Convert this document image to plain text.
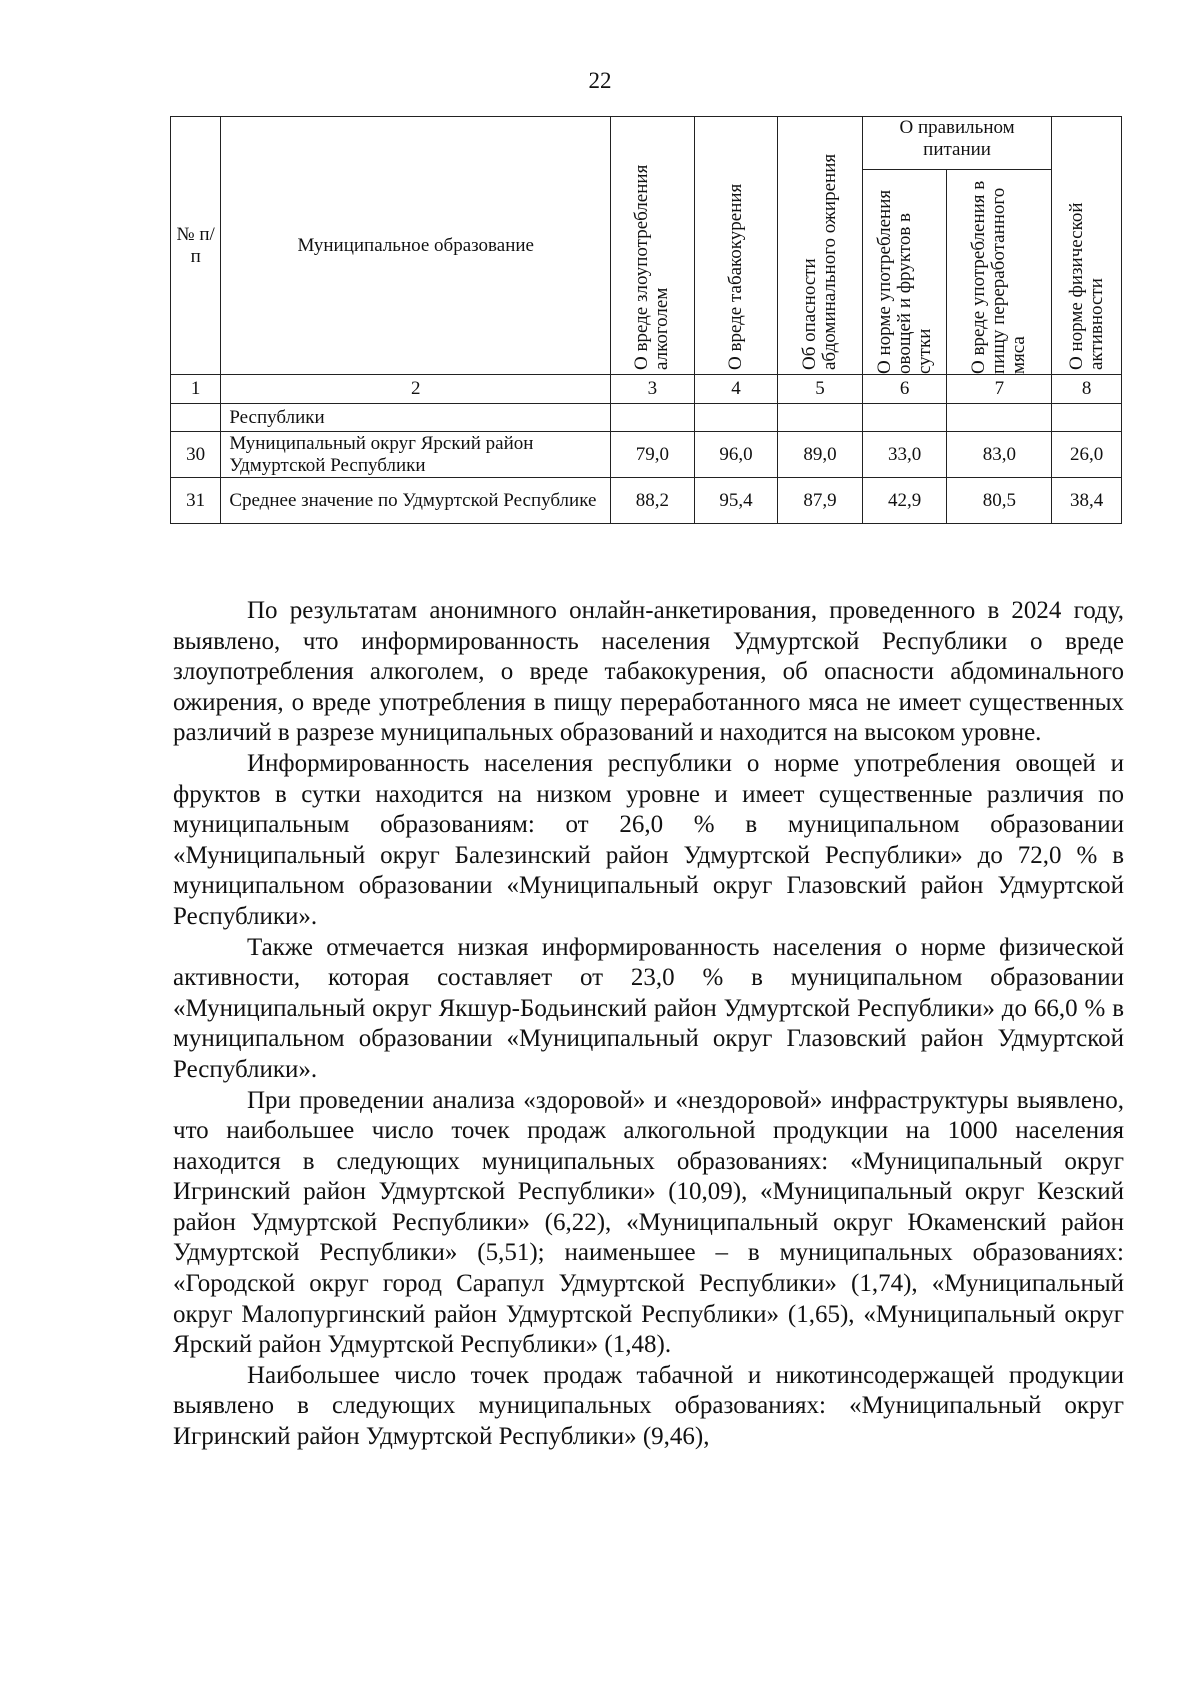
22
№ п/п	Муниципальное образование	О вреде злоупотребления алкоголем	О вреде табакокурения	Об опасности абдоминального ожирения	О правильном питании		О норме физической активности

					О норме употребления овощей и фруктов в сутки	О вреде употребления в пищу переработанного мяса	

1	2	3	4	5	6	7	8
	Республики						
30	Муниципальный округ Ярский район Удмуртской Республики	79,0	96,0	89,0	33,0	83,0	26,0
31	Среднее значение по Удмуртской Республике	88,2	95,4	87,9	42,9	80,5	38,4

По результатам анонимного онлайн-анкетирования, проведенного в 2024 году, выявлено, что информированность населения Удмуртской Республики о вреде злоупотребления алкоголем, о вреде табакокурения, об опасности абдоминального ожирения, о вреде употребления в пищу переработанного мяса не имеет существенных различий в разрезе муниципальных образований и находится на высоком уровне.

Информированность населения республики о норме употребления овощей и фруктов в сутки находится на низком уровне и имеет существенные различия по муниципальным образованиям: от 26,0 % в муниципальном образовании «Муниципальный округ Балезинский район Удмуртской Республики» до 72,0 % в муниципальном образовании «Муниципальный округ Глазовский район Удмуртской Республики».

Также отмечается низкая информированность населения о норме физической активности, которая составляет от 23,0 % в муниципальном образовании «Муниципальный округ Якшур-Бодьинский район Удмуртской Республики» до 66,0 % в муниципальном образовании «Муниципальный округ Глазовский район Удмуртской Республики».

При проведении анализа «здоровой» и «нездоровой» инфраструктуры выявлено, что наибольшее число точек продаж алкогольной продукции на 1000 населения находится в следующих муниципальных образованиях: «Муниципальный округ Игринский район Удмуртской Республики» (10,09), «Муниципальный округ Кезский район Удмуртской Республики» (6,22), «Муниципальный округ Юкаменский район Удмуртской Республики» (5,51); наименьшее – в муниципальных образованиях: «Городской округ город Сарапул Удмуртской Республики» (1,74), «Муниципальный округ Малопургинский район Удмуртской Республики» (1,65), «Муниципальный округ Ярский район Удмуртской Республики» (1,48).

Наибольшее число точек продаж табачной и никотинсодержащей продукции выявлено в следующих муниципальных образованиях: «Муниципальный округ Игринский район Удмуртской Республики» (9,46),
